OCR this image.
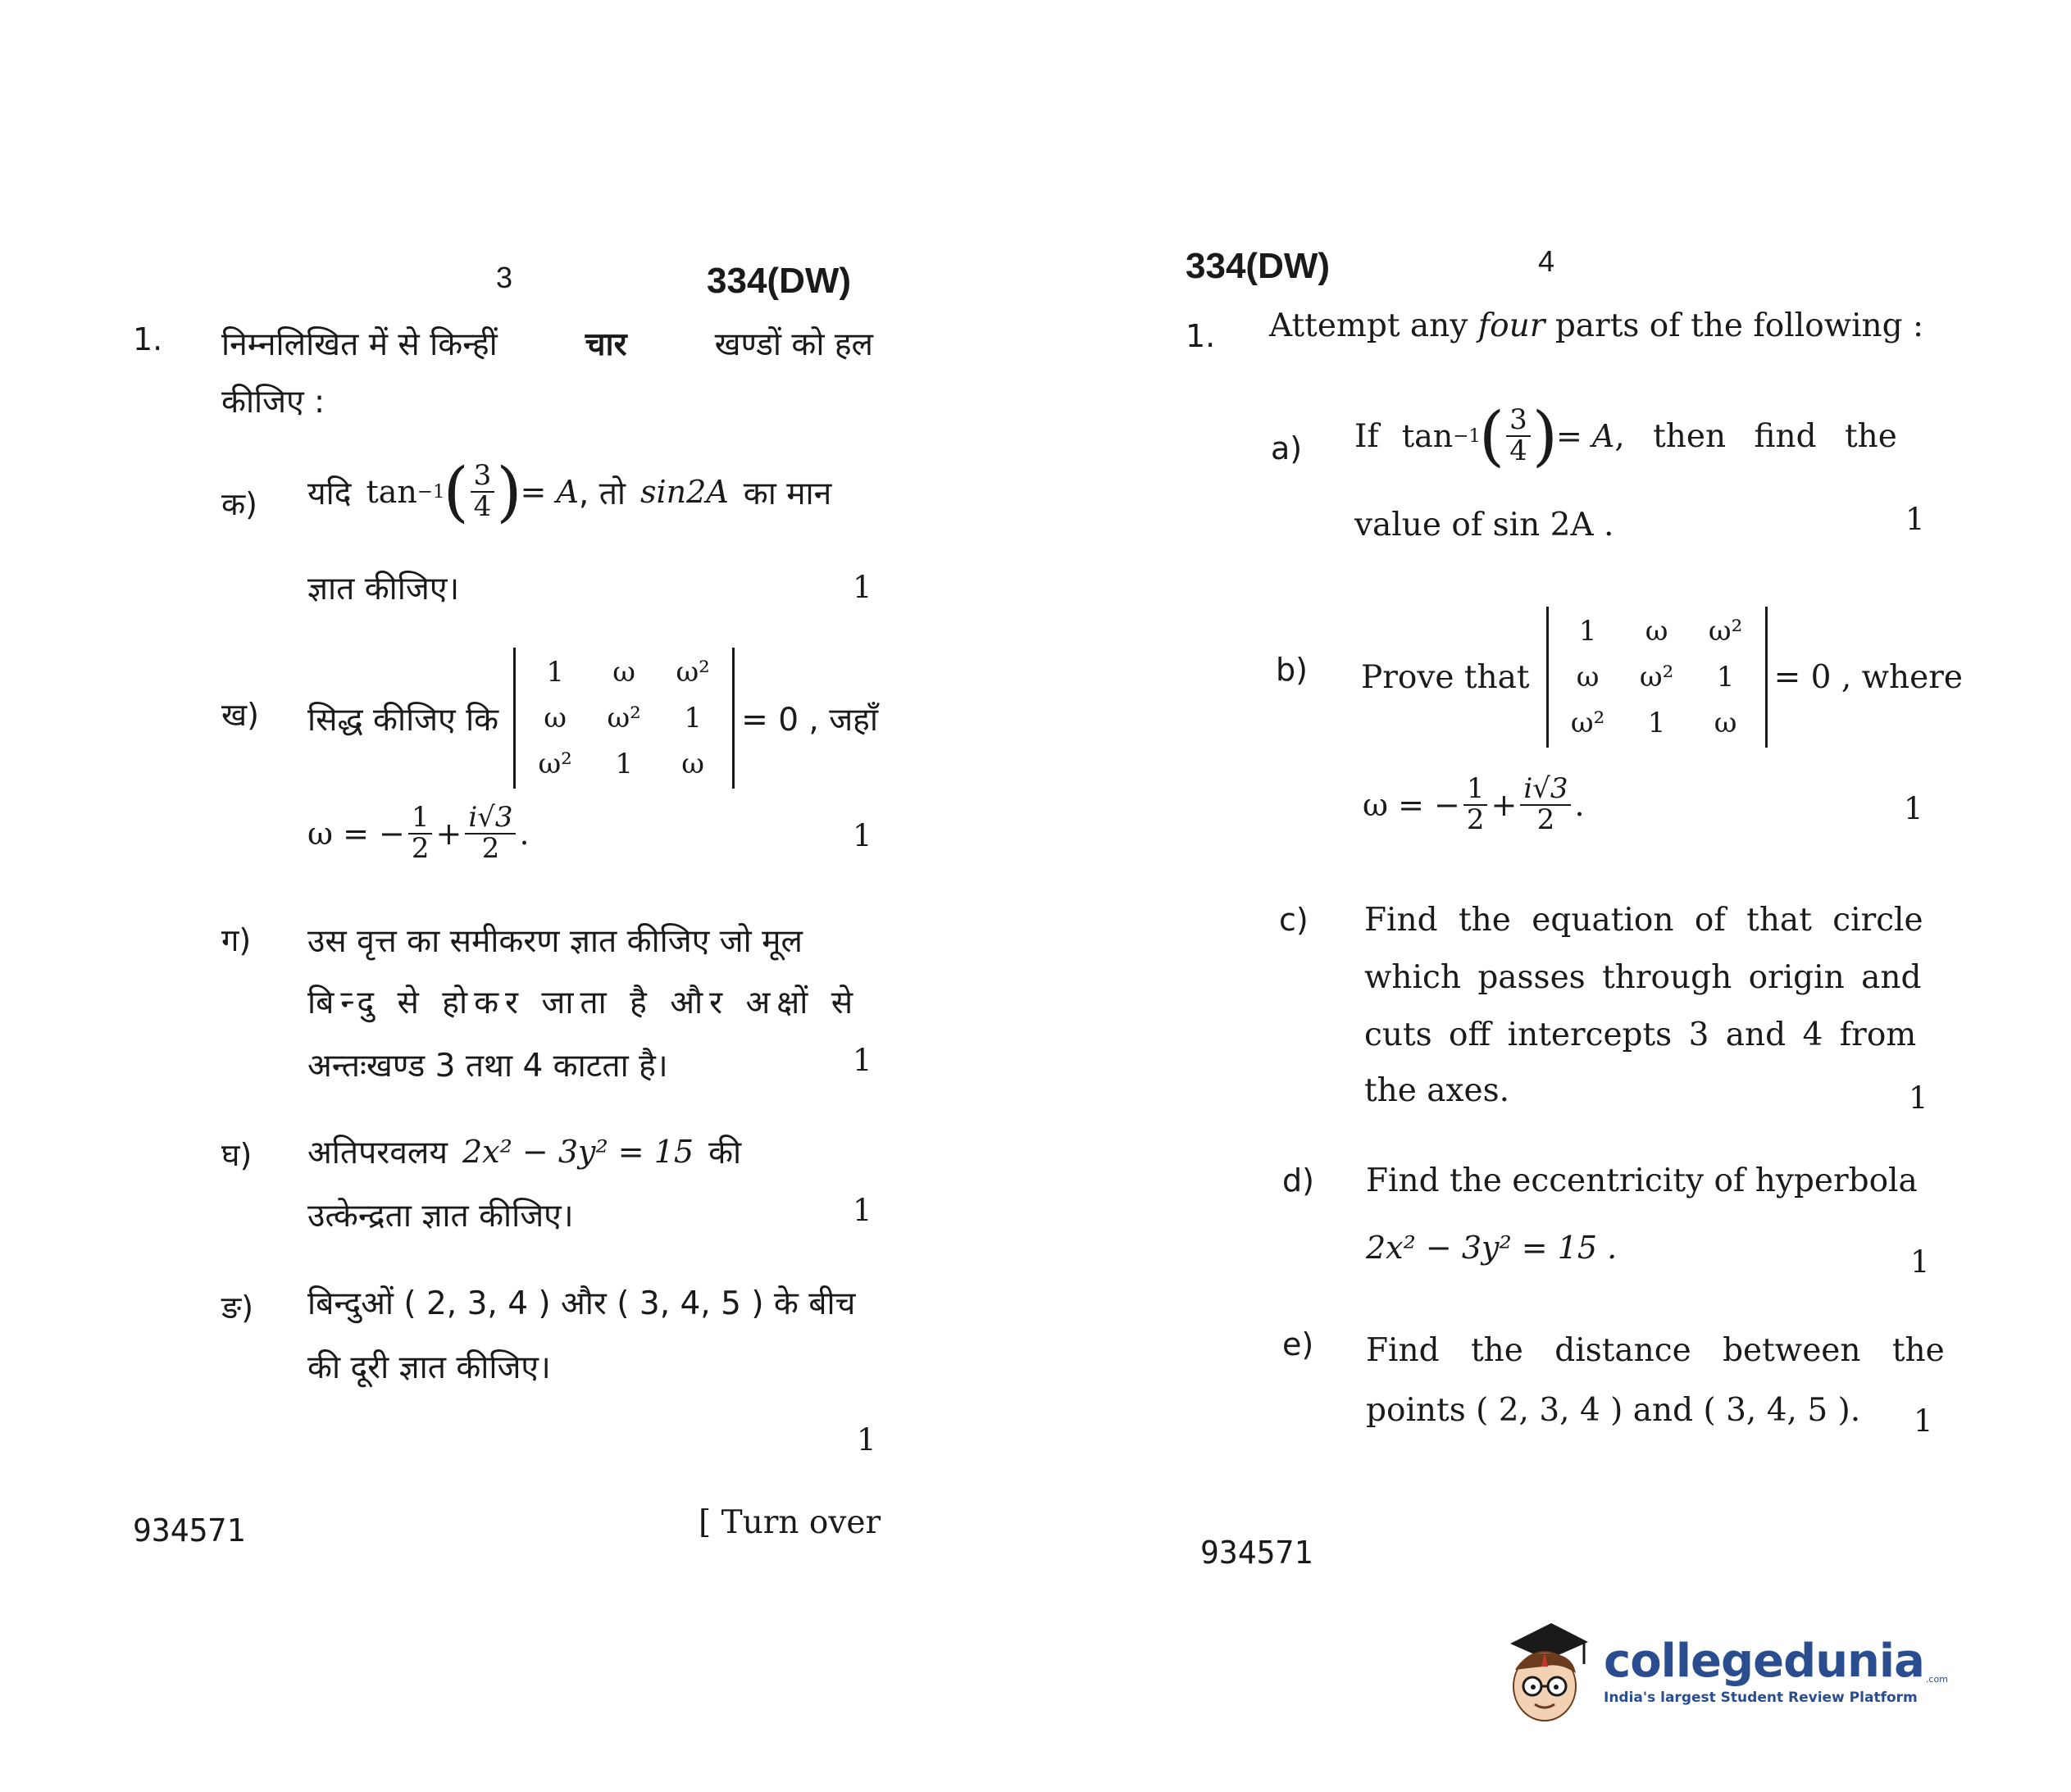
3	334(DW)
1. निम्नलिखित में से किन्हीं	चार	खण्डों को हल
कीजिए :
क) यदि tan −1
( $\frac{3}{4}$ )
= A , तो sin2A का मान
ज्ञात कीजिए।	1
ख) सिद्ध कीजिए कि
1	ω	ω²
ω	ω²	1
ω²	1	ω
= 0 , जहाँ
ω = − $\frac{1}{2} + \frac{i√3}{2}$ .	1
ग) उस वृत्त का समीकरण ज्ञात कीजिए जो मूल
बिन्दु से होकर जाता है और अक्षों से
अन्तःखण्ड 3 तथा 4 काटता है।	1
घ) अतिपरवलय 2x² − 3y² = 15 की
उत्केन्द्रता ज्ञात कीजिए।	1
ङ) बिन्दुओं ( 2, 3, 4 ) और ( 3, 4, 5 ) के बीच
की दूरी ज्ञात कीजिए।
1
934571	[ Turn over
334(DW)	4
1. Attempt any four parts of the following :
a) If tan −1
( $\frac{3}{4}$ )
= A , then find the
value of sin 2A .	1
b) Prove that
1	ω	ω²
ω	ω²	1
ω²	1	ω
= 0 , where
ω = − $\frac{1}{2} + \frac{i√3}{2}$ .	1
c) Find the equation of that circle
which passes through origin and
cuts off intercepts 3 and 4 from
the axes.	1
d) Find the eccentricity of hyperbola
2x² − 3y² = 15 .	1
e) Find the distance between the
points ( 2, 3, 4 ) and ( 3, 4, 5 ). 1
934571
collegedunia .com
India's largest Student Review Platform
